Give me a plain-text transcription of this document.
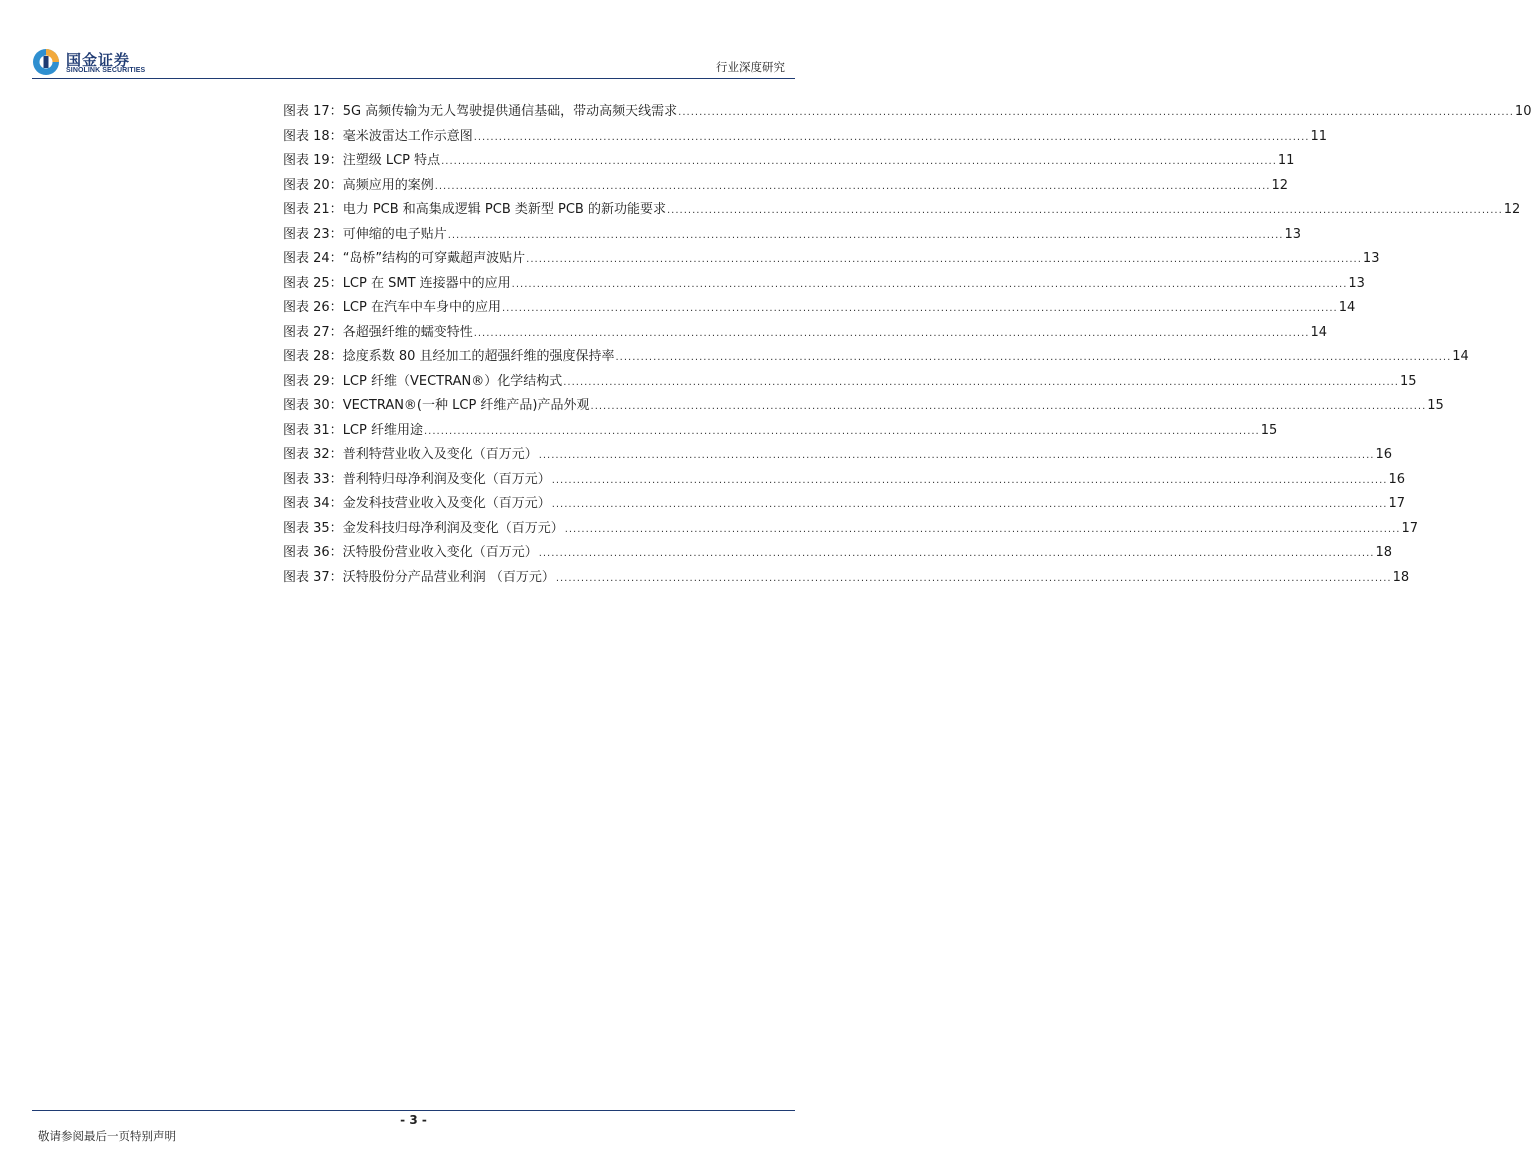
国金证券
SINOLINK SECURITIES	行业深度研究
图表 17： 5G 高频传输为无人驾驶提供通信基础，带动高频天线需求 ........................................................................................................................................................................................................ 10
图表 18： 毫米波雷达工作示意图 ........................................................................................................................................................................................................ 11
图表 19： 注塑级 LCP 特点 ........................................................................................................................................................................................................ 11
图表 20： 高频应用的案例 ........................................................................................................................................................................................................ 12
图表 21： 电力 PCB 和高集成逻辑 PCB 类新型 PCB 的新功能要求 ........................................................................................................................................................................................................ 12
图表 23： 可伸缩的电子贴片 ........................................................................................................................................................................................................ 13
图表 24： “岛桥”结构的可穿戴超声波贴片 ........................................................................................................................................................................................................ 13
图表 25： LCP 在 SMT 连接器中的应用 ........................................................................................................................................................................................................ 13
图表 26： LCP 在汽车中车身中的应用 ........................................................................................................................................................................................................ 14
图表 27： 各超强纤维的蠕变特性 ........................................................................................................................................................................................................ 14
图表 28： 捻度系数 80 且经加工的超强纤维的强度保持率 ........................................................................................................................................................................................................ 14
图表 29： LCP 纤维（VECTRAN®）化学结构式 ........................................................................................................................................................................................................ 15
图表 30： VECTRAN®(一种 LCP 纤维产品)产品外观 ........................................................................................................................................................................................................ 15
图表 31： LCP 纤维用途 ........................................................................................................................................................................................................ 15
图表 32： 普利特营业收入及变化（百万元） ........................................................................................................................................................................................................ 16
图表 33： 普利特归母净利润及变化（百万元） ........................................................................................................................................................................................................ 16
图表 34： 金发科技营业收入及变化（百万元） ........................................................................................................................................................................................................ 17
图表 35： 金发科技归母净利润及变化（百万元） ........................................................................................................................................................................................................ 17
图表 36： 沃特股份营业收入变化（百万元） ........................................................................................................................................................................................................ 18
图表 37： 沃特股份分产品营业利润 （百万元） ........................................................................................................................................................................................................ 18
- 3 -
敬请参阅最后一页特别声明
